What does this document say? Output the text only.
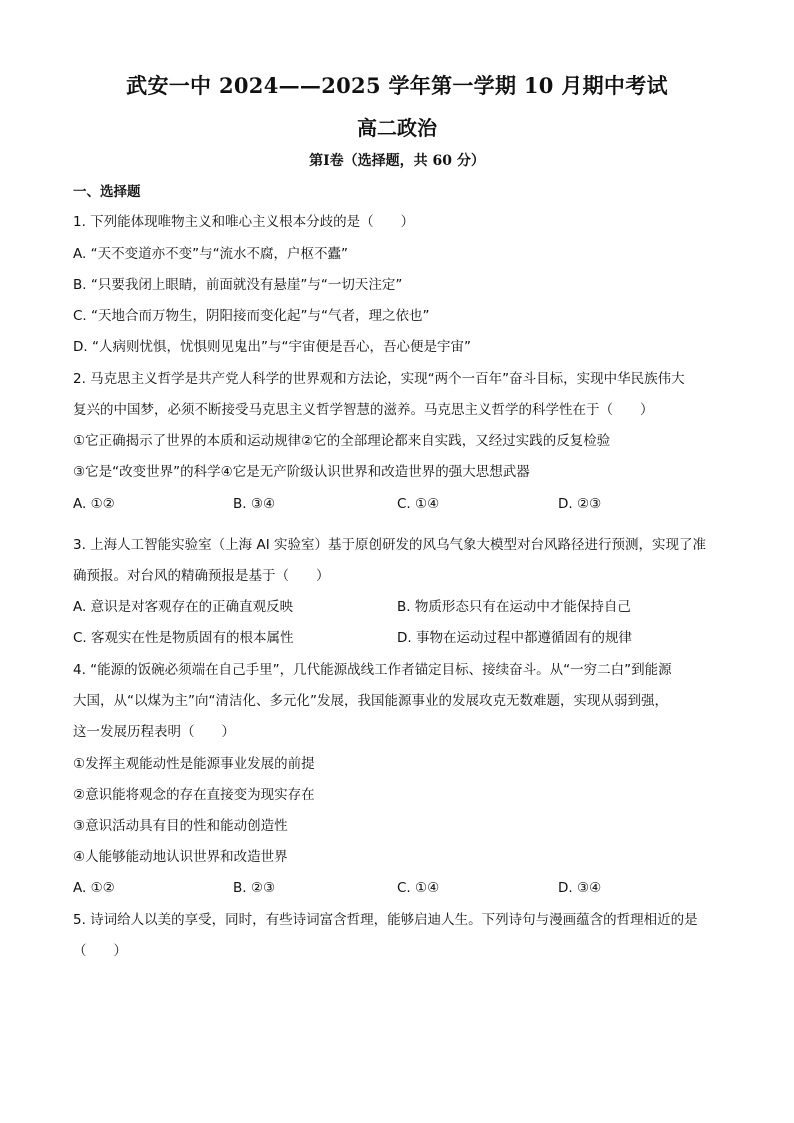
武安一中 2024——2025 学年第一学期 10 月期中考试
高二政治
第Ⅰ卷（选择题，共 60 分）
一、选择题
1. 下列能体现唯物主义和唯心主义根本分歧的是（　　）
A. “天不变道亦不变”与“流水不腐，户枢不蠹”
B. “只要我闭上眼睛，前面就没有悬崖”与“一切天注定”
C. “天地合而万物生，阴阳接而变化起”与“气者，理之依也”
D. “人病则忧惧，忧惧则见鬼出”与“宇宙便是吾心，吾心便是宇宙”
2. 马克思主义哲学是共产党人科学的世界观和方法论，实现“两个一百年”奋斗目标，实现中华民族伟大
复兴的中国梦，必须不断接受马克思主义哲学智慧的滋养。马克思主义哲学的科学性在于（　　）
①它正确揭示了世界的本质和运动规律②它的全部理论都来自实践，又经过实践的反复检验
③它是“改变世界”的科学④它是无产阶级认识世界和改造世界的强大思想武器
A. ①②	B. ③④	C. ①④	D. ②③
3. 上海人工智能实验室（上海 AI 实验室）基于原创研发的风乌气象大模型对台风路径进行预测，实现了准
确预报。对台风的精确预报是基于（　　）
A. 意识是对客观存在的正确直观反映	B. 物质形态只有在运动中才能保持自己
C. 客观实在性是物质固有的根本属性	D. 事物在运动过程中都遵循固有的规律
4. “能源的饭碗必须端在自己手里”，几代能源战线工作者锚定目标、接续奋斗。从“一穷二白”到能源
大国，从“以煤为主”向“清洁化、多元化”发展，我国能源事业的发展攻克无数难题，实现从弱到强，
这一发展历程表明（　　）
①发挥主观能动性是能源事业发展的前提
②意识能将观念的存在直接变为现实存在
③意识活动具有目的性和能动创造性
④人能够能动地认识世界和改造世界
A. ①②	B. ②③	C. ①④	D. ③④
5. 诗词给人以美的享受，同时，有些诗词富含哲理，能够启迪人生。下列诗句与漫画蕴含的哲理相近的是
（　　）
